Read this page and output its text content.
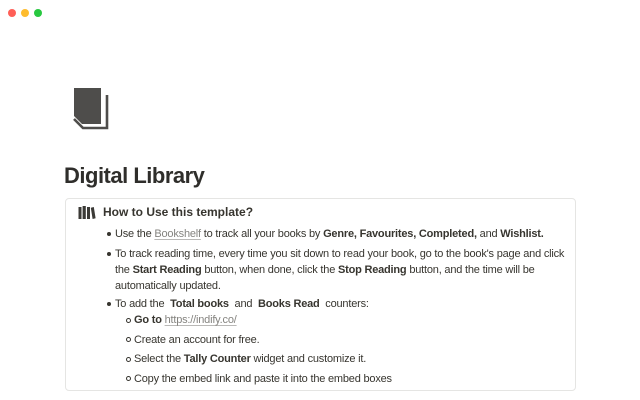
Digital Library
How to Use this template?
Use the Bookshelf to track all your books by Genre, Favourites, Completed, and Wishlist.
To track reading time, every time you sit down to read your book, go to the book's page and click the Start Reading button, when done, click the Stop Reading button, and the time will be automatically updated.
To add the  Total books  and  Books Read  counters:
Go to https://indify.co/
Create an account for free.
Select the Tally Counter widget and customize it.
Copy the embed link and paste it into the embed boxes
